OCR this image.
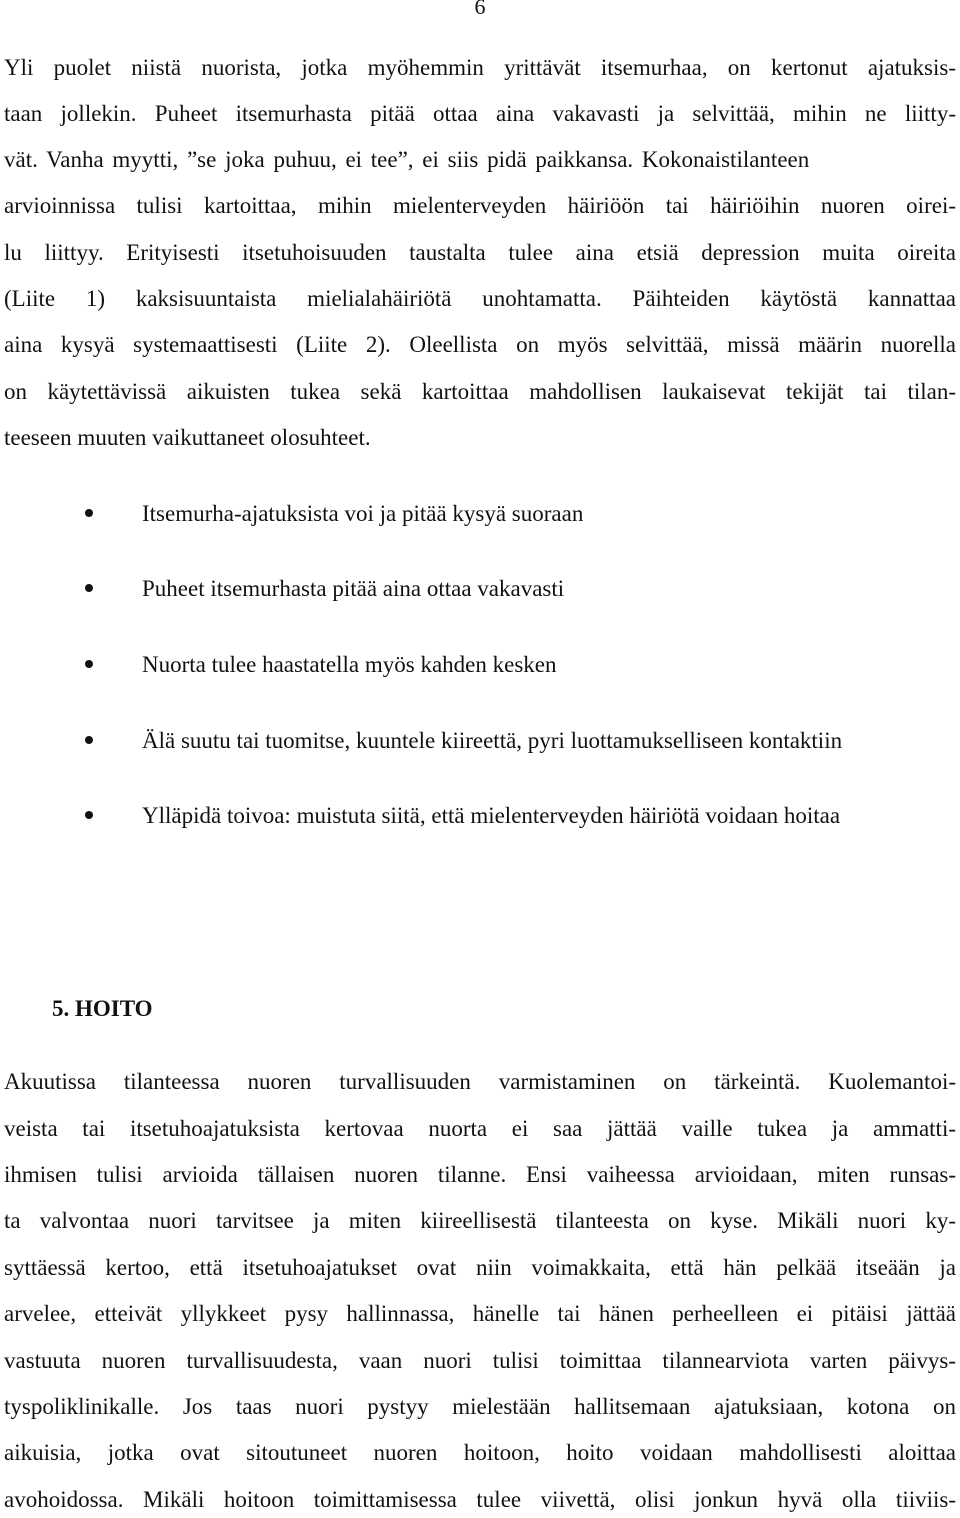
6
Yli puolet niistä nuorista, jotka myöhemmin yrittävät itsemurhaa, on kertonut ajatuksis-
taan jollekin. Puheet itsemurhasta pitää ottaa aina vakavasti ja selvittää, mihin ne liitty-
vät. Vanha myytti, ”se joka puhuu, ei tee”, ei siis pidä paikkansa. Kokonaistilanteen
arvioinnissa tulisi kartoittaa, mihin mielenterveyden häiriöön tai häiriöihin nuoren oirei-
lu liittyy. Erityisesti itsetuhoisuuden taustalta tulee aina etsiä depression muita oireita
(Liite 1) kaksisuuntaista mielialahäiriötä unohtamatta. Päihteiden käytöstä kannattaa
aina kysyä systemaattisesti (Liite 2). Oleellista on myös selvittää, missä määrin nuorella
on käytettävissä aikuisten tukea sekä kartoittaa mahdollisen laukaisevat tekijät tai tilan-
teeseen muuten vaikuttaneet olosuhteet.
Itsemurha-ajatuksista voi ja pitää kysyä suoraan
Puheet itsemurhasta pitää aina ottaa vakavasti
Nuorta tulee haastatella myös kahden kesken
Älä suutu tai tuomitse, kuuntele kiireettä, pyri luottamukselliseen kontaktiin
Ylläpidä toivoa: muistuta siitä, että mielenterveyden häiriötä voidaan hoitaa
5. HOITO
Akuutissa tilanteessa nuoren turvallisuuden varmistaminen on tärkeintä. Kuolemantoi-
veista tai itsetuhoajatuksista kertovaa nuorta ei saa jättää vaille tukea ja ammatti-
ihmisen tulisi arvioida tällaisen nuoren tilanne. Ensi vaiheessa arvioidaan, miten runsas-
ta valvontaa nuori tarvitsee ja miten kiireellisestä tilanteesta on kyse. Mikäli nuori ky-
syttäessä kertoo, että itsetuhoajatukset ovat niin voimakkaita, että hän pelkää itseään ja
arvelee, etteivät yllykkeet pysy hallinnassa, hänelle tai hänen perheelleen ei pitäisi jättää
vastuuta nuoren turvallisuudesta, vaan nuori tulisi toimittaa tilannearviota varten päivys-
tyspoliklinikalle. Jos taas nuori pystyy mielestään hallitsemaan ajatuksiaan, kotona on
aikuisia, jotka ovat sitoutuneet nuoren hoitoon, hoito voidaan mahdollisesti aloittaa
avohoidossa. Mikäli hoitoon toimittamisessa tulee viivettä, olisi jonkun hyvä olla tiiviis-
